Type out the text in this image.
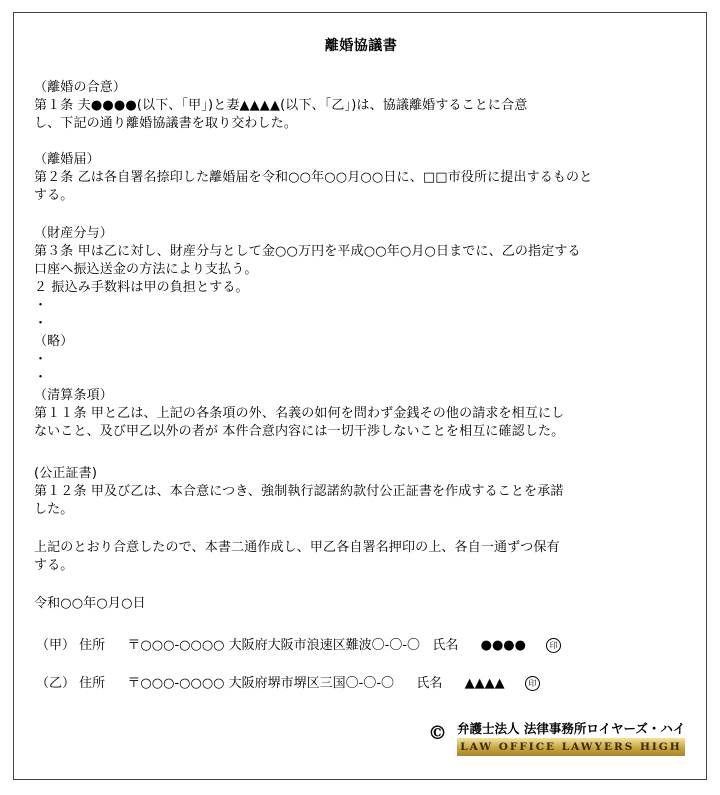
離婚協議書
（離婚の合意）
第１条 夫●●●●(以下、「甲」)と妻▲▲▲▲(以下、「乙」)は、協議離婚することに合意
し、下記の通り離婚協議書を取り交わした。
（離婚届）
第２条 乙は各自署名捺印した離婚届を令和○○年○○月○○日に、□□市役所に提出するものと
する。
（財産分与）
第３条 甲は乙に対し、財産分与として金○○万円を平成○○年○月○日までに、乙の指定する
口座へ振込送金の方法により支払う。
２ 振込み手数料は甲の負担とする。
・
・
（略）
・
・
（清算条項）
第１１条 甲と乙は、上記の各条項の外、名義の如何を問わず金銭その他の請求を相互にし
ないこと、及び甲乙以外の者が 本件合意内容には一切干渉しないことを相互に確認した。
(公正証書)
第１２条 甲及び乙は、本合意につき、強制執行認諾約款付公正証書を作成することを承諾
した。
上記のとおり合意したので、本書二通作成し、甲乙各自署名押印の上、各自一通ずつ保有
する。
令和○○年○月○日
（甲） 住所 〒○○○-○○○○ 大阪府大阪市浪速区難波〇-〇-〇 氏名 ●●●●	印
（乙） 住所 〒○○○-○○○○ 大阪府堺市堺区三国〇-〇-〇 氏名 ▲▲▲▲	印
© 弁護士法人 法律事務所ロイヤーズ・ハイ
LAW OFFICE LAWYERS HIGH
